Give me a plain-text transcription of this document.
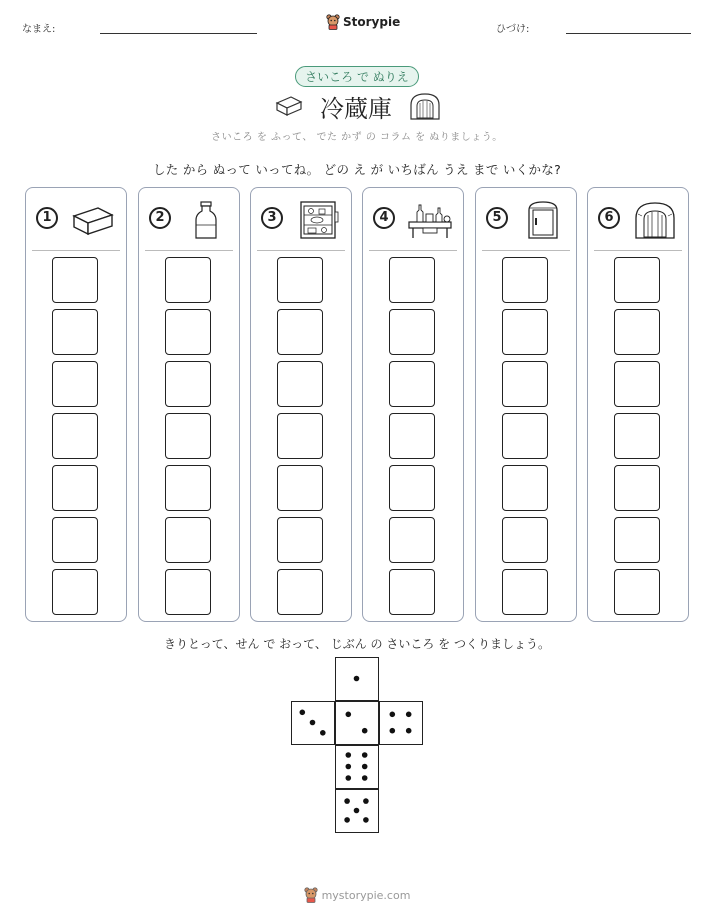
なまえ:
Storypie
ひづけ:
さいころ で ぬりえ
冷蔵庫
さいころ を ふって、 でた かず の コラム を ぬりましょう。
した から ぬって いってね。 どの え が いちばん うえ まで いくかな?
1	2	3	4	5	6
きりとって、せん で おって、 じぶん の さいころ を つくりましょう。
mystorypie.com
